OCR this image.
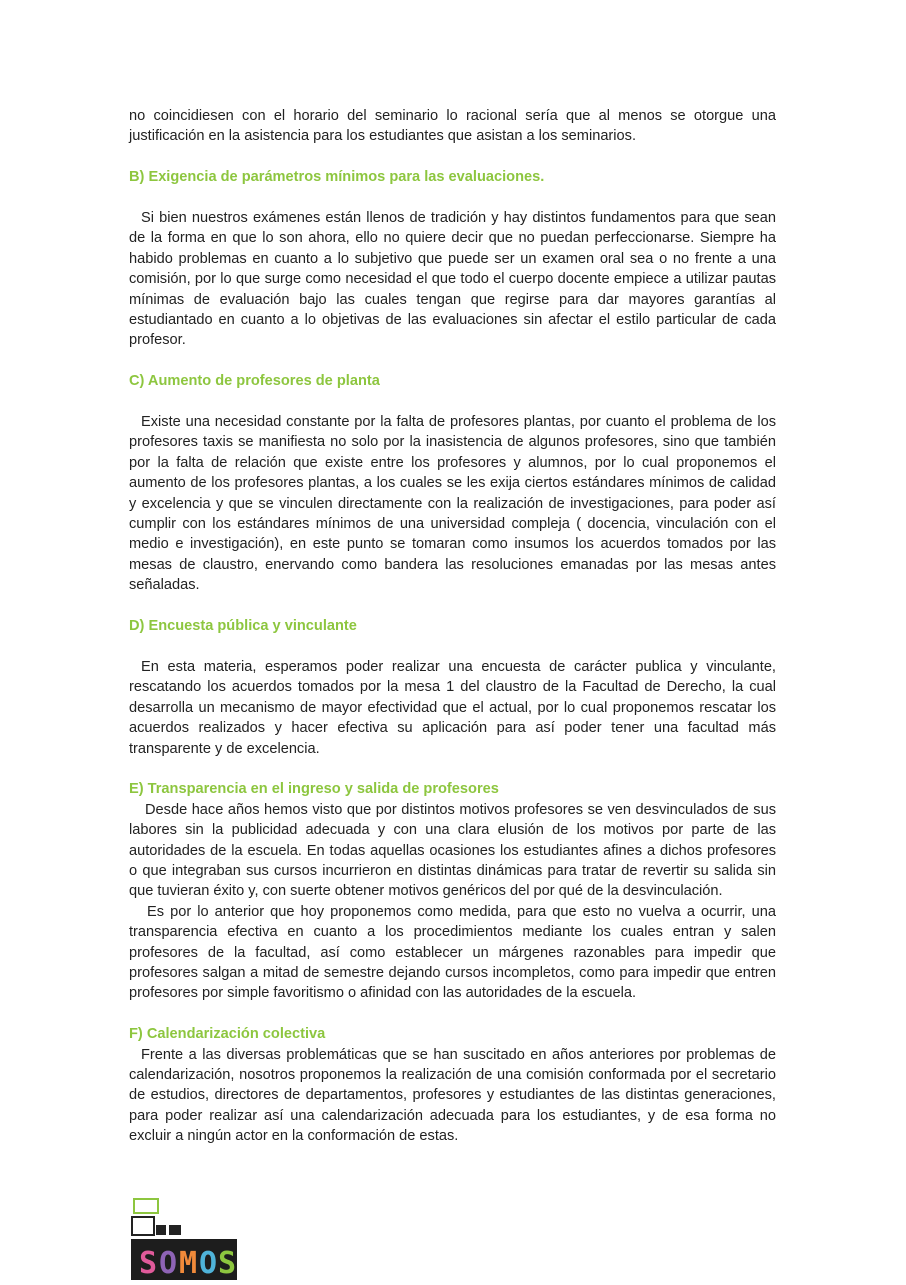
no coincidiesen con el horario del seminario lo racional sería que al menos se otorgue una justificación en la asistencia para los estudiantes que asistan a los seminarios.

B) Exigencia de parámetros mínimos para las evaluaciones.

Si bien nuestros exámenes están llenos de tradición y hay distintos fundamentos para que sean de la forma en que lo son ahora, ello no quiere decir que no puedan perfeccionarse. Siempre ha habido problemas en cuanto a lo subjetivo que puede ser un examen oral sea o no frente a una comisión, por lo que surge como necesidad el que todo el cuerpo docente empiece a utilizar pautas mínimas de evaluación bajo las cuales tengan que regirse para dar mayores garantías al estudiantado en cuanto a lo objetivas de las evaluaciones sin afectar el estilo particular de cada profesor.

C) Aumento de profesores de planta

Existe una necesidad constante por la falta de profesores plantas, por cuanto el problema de los profesores taxis se manifiesta no solo por la inasistencia de algunos profesores, sino que también por la falta de relación que existe entre los profesores y alumnos, por lo cual proponemos el aumento de los profesores plantas, a los cuales se les exija ciertos estándares mínimos de calidad y excelencia y que se vinculen directamente con la realización de investigaciones, para poder así cumplir con los estándares mínimos de una universidad compleja ( docencia, vinculación con el medio e investigación), en este punto se tomaran como insumos los acuerdos tomados por las mesas de claustro, enervando como bandera las resoluciones emanadas por las mesas antes señaladas.

D) Encuesta pública y vinculante

En esta materia, esperamos poder realizar una encuesta de carácter publica y vinculante, rescatando los acuerdos tomados por la mesa 1 del claustro de la Facultad de Derecho, la cual desarrolla un mecanismo de mayor efectividad que el actual, por lo cual proponemos rescatar los acuerdos realizados y hacer efectiva su aplicación para así poder tener una facultad más transparente y de excelencia.

E) Transparencia en el ingreso y salida de profesores

Desde hace años hemos visto que por distintos motivos profesores se ven desvinculados de sus labores sin la publicidad adecuada y con una clara elusión de los motivos por parte de las autoridades de la escuela. En todas aquellas ocasiones los estudiantes afines a dichos profesores o que integraban sus cursos incurrieron en distintas dinámicas para tratar de revertir su salida sin que tuvieran éxito y, con suerte obtener motivos genéricos del por qué de la desvinculación.

Es por lo anterior que hoy proponemos como medida, para que esto no vuelva a ocurrir, una transparencia efectiva en cuanto a los procedimientos mediante los cuales entran y salen profesores de la facultad, así como establecer un márgenes razonables para impedir que profesores salgan a mitad de semestre dejando cursos incompletos, como para impedir que entren profesores por simple favoritismo o afinidad con las autoridades de la escuela.

F) Calendarización colectiva

Frente a las diversas problemáticas que se han suscitado en años anteriores por problemas de calendarización, nosotros proponemos la realización de una comisión conformada por el secretario de estudios, directores de departamentos, profesores y estudiantes de las distintas generaciones, para poder realizar así una calendarización adecuada para los estudiantes, y de esa forma no excluir a ningún actor en la conformación de estas.

S O M O S
